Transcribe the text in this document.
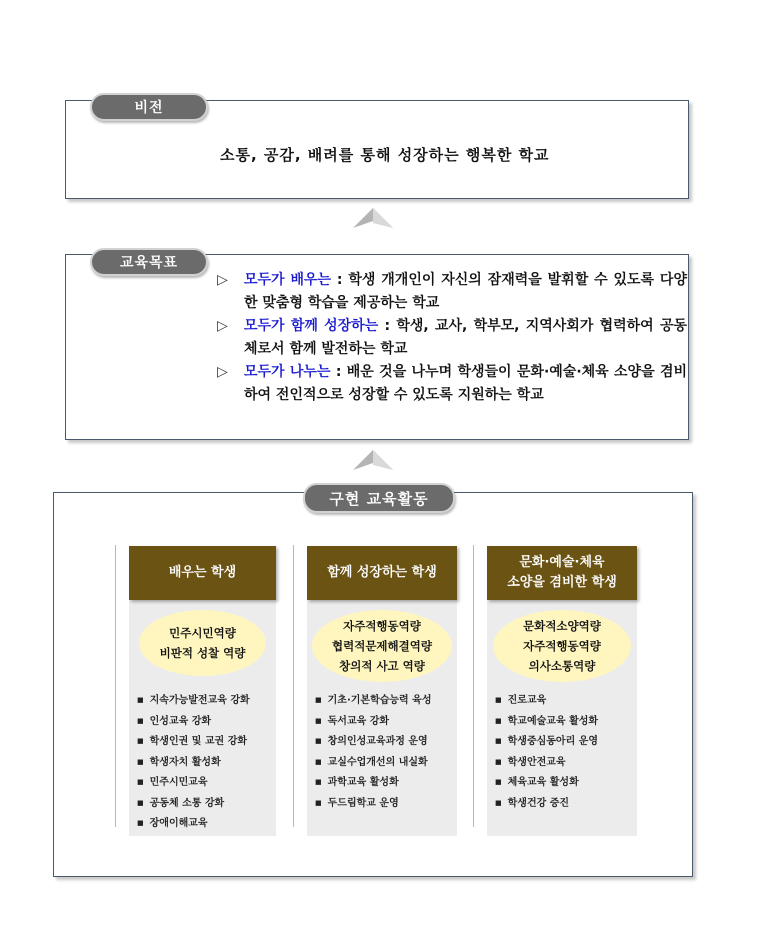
비전
소통, 공감, 배려를 통해 성장하는 행복한 학교
교육목표
▷ 모두가 배우는 : 학생 개개인이 자신의 잠재력을 발휘할 수 있도록 다양한 맞춤형 학습을 제공하는 학교
▷ 모두가 함께 성장하는 : 학생, 교사, 학부모, 지역사회가 협력하여 공동체로서 함께 발전하는 학교
▷ 모두가 나누는 : 배운 것을 나누며 학생들이 문화·예술·체육 소양을 겸비하여 전인적으로 성장할 수 있도록 지원하는 학교
구현 교육활동
배우는 학생
민주시민역량
비판적 성찰 역량
■ 지속가능발전교육 강화
■ 인성교육 강화
■ 학생인권 및 교권 강화
■ 학생자치 활성화
■ 민주시민교육
■ 공동체 소통 강화
■ 장애이해교육
함께 성장하는 학생
자주적행동역량
협력적문제해결역량
창의적 사고 역량
■ 기초·기본학습능력 육성
■ 독서교육 강화
■ 창의인성교육과정 운영
■ 교실수업개선의 내실화
■ 과학교육 활성화
■ 두드림학교 운영
문화·예술·체육
소양을 겸비한 학생
문화적소양역량
자주적행동역량
의사소통역량
■ 진로교육
■ 학교예술교육 활성화
■ 학생중심동아리 운영
■ 학생안전교육
■ 체육교육 활성화
■ 학생건강 증진
